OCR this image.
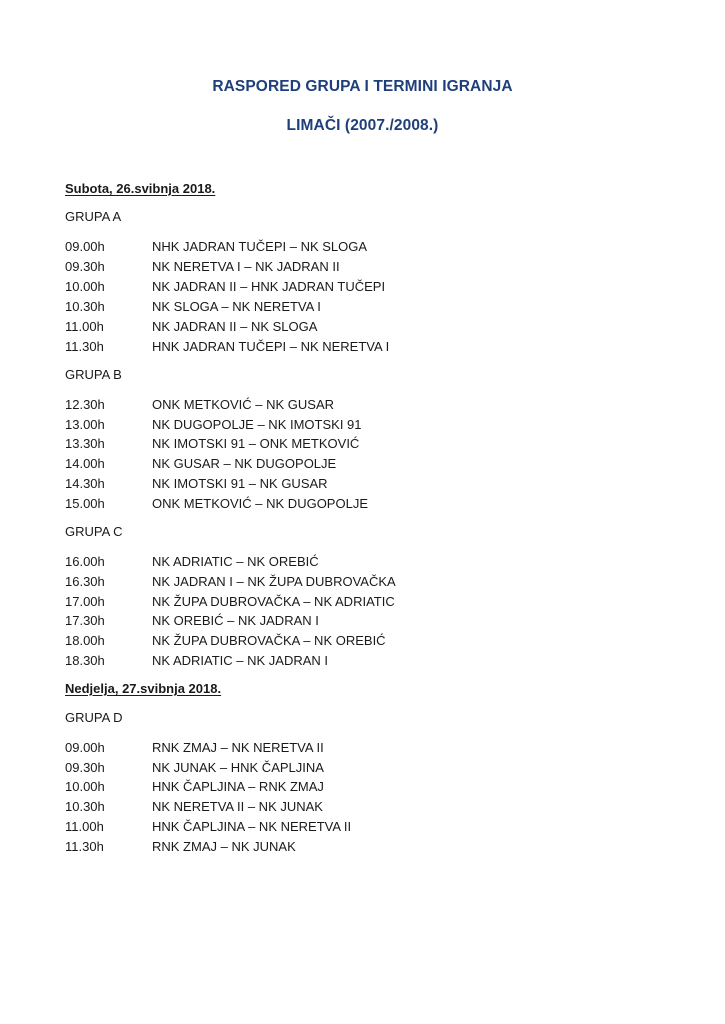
RASPORED GRUPA I TERMINI IGRANJA
LIMAČI (2007./2008.)
Subota, 26.svibnja 2018.
GRUPA A
09.00h	NHK JADRAN TUČEPI – NK SLOGA
09.30h	NK NERETVA I – NK JADRAN II
10.00h	NK JADRAN II – HNK JADRAN TUČEPI
10.30h	NK SLOGA – NK NERETVA I
11.00h	NK JADRAN II – NK SLOGA
11.30h	HNK JADRAN TUČEPI – NK NERETVA I
GRUPA B
12.30h	ONK METKOVIĆ – NK GUSAR
13.00h	NK DUGOPOLJE – NK IMOTSKI 91
13.30h	NK IMOTSKI 91 – ONK METKOVIĆ
14.00h	NK GUSAR – NK DUGOPOLJE
14.30h	NK IMOTSKI 91 – NK GUSAR
15.00h	ONK METKOVIĆ – NK DUGOPOLJE
GRUPA C
16.00h	NK ADRIATIC – NK OREBIĆ
16.30h	NK JADRAN I – NK ŽUPA DUBROVAČKA
17.00h	NK ŽUPA DUBROVAČKA – NK ADRIATIC
17.30h	NK OREBIĆ – NK JADRAN I
18.00h	NK ŽUPA DUBROVAČKA – NK OREBIĆ
18.30h	NK ADRIATIC – NK JADRAN I
Nedjelja, 27.svibnja 2018.
GRUPA D
09.00h	RNK ZMAJ – NK NERETVA II
09.30h	NK JUNAK – HNK ČAPLJINA
10.00h	HNK ČAPLJINA – RNK ZMAJ
10.30h	NK NERETVA II – NK JUNAK
11.00h	HNK ČAPLJINA – NK NERETVA II
11.30h	RNK ZMAJ – NK JUNAK
